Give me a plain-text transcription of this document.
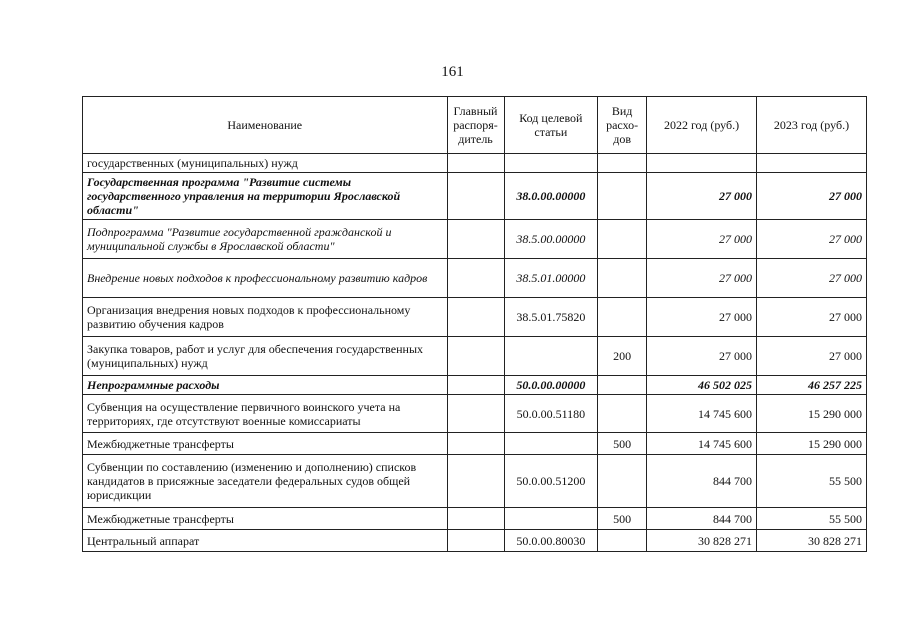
161
Наименование	Главный распоря-дитель	Код целевой статьи	Вид расхо-дов	2022 год (руб.)	2023 год (руб.)
государственных (муниципальных) нужд					
Государственная программа "Развитие системы государственного управления на территории Ярославской области"		38.0.00.00000		27 000	27 000
Подпрограмма "Развитие государственной гражданской и муниципальной службы в Ярославской области"		38.5.00.00000		27 000	27 000
Внедрение новых подходов к профессиональному развитию кадров		38.5.01.00000		27 000	27 000
Организация внедрения новых подходов к профессиональному развитию обучения кадров		38.5.01.75820		27 000	27 000
Закупка товаров, работ и услуг для обеспечения государственных (муниципальных) нужд			200	27 000	27 000
Непрограммные расходы		50.0.00.00000		46 502 025	46 257 225
Субвенция на осуществление первичного воинского учета на территориях, где отсутствуют военные комиссариаты		50.0.00.51180		14 745 600	15 290 000
Межбюджетные трансферты			500	14 745 600	15 290 000
Субвенции по составлению (изменению и дополнению) списков кандидатов в присяжные заседатели федеральных судов общей юрисдикции		50.0.00.51200		844 700	55 500
Межбюджетные трансферты			500	844 700	55 500
Центральный аппарат		50.0.00.80030		30 828 271	30 828 271
